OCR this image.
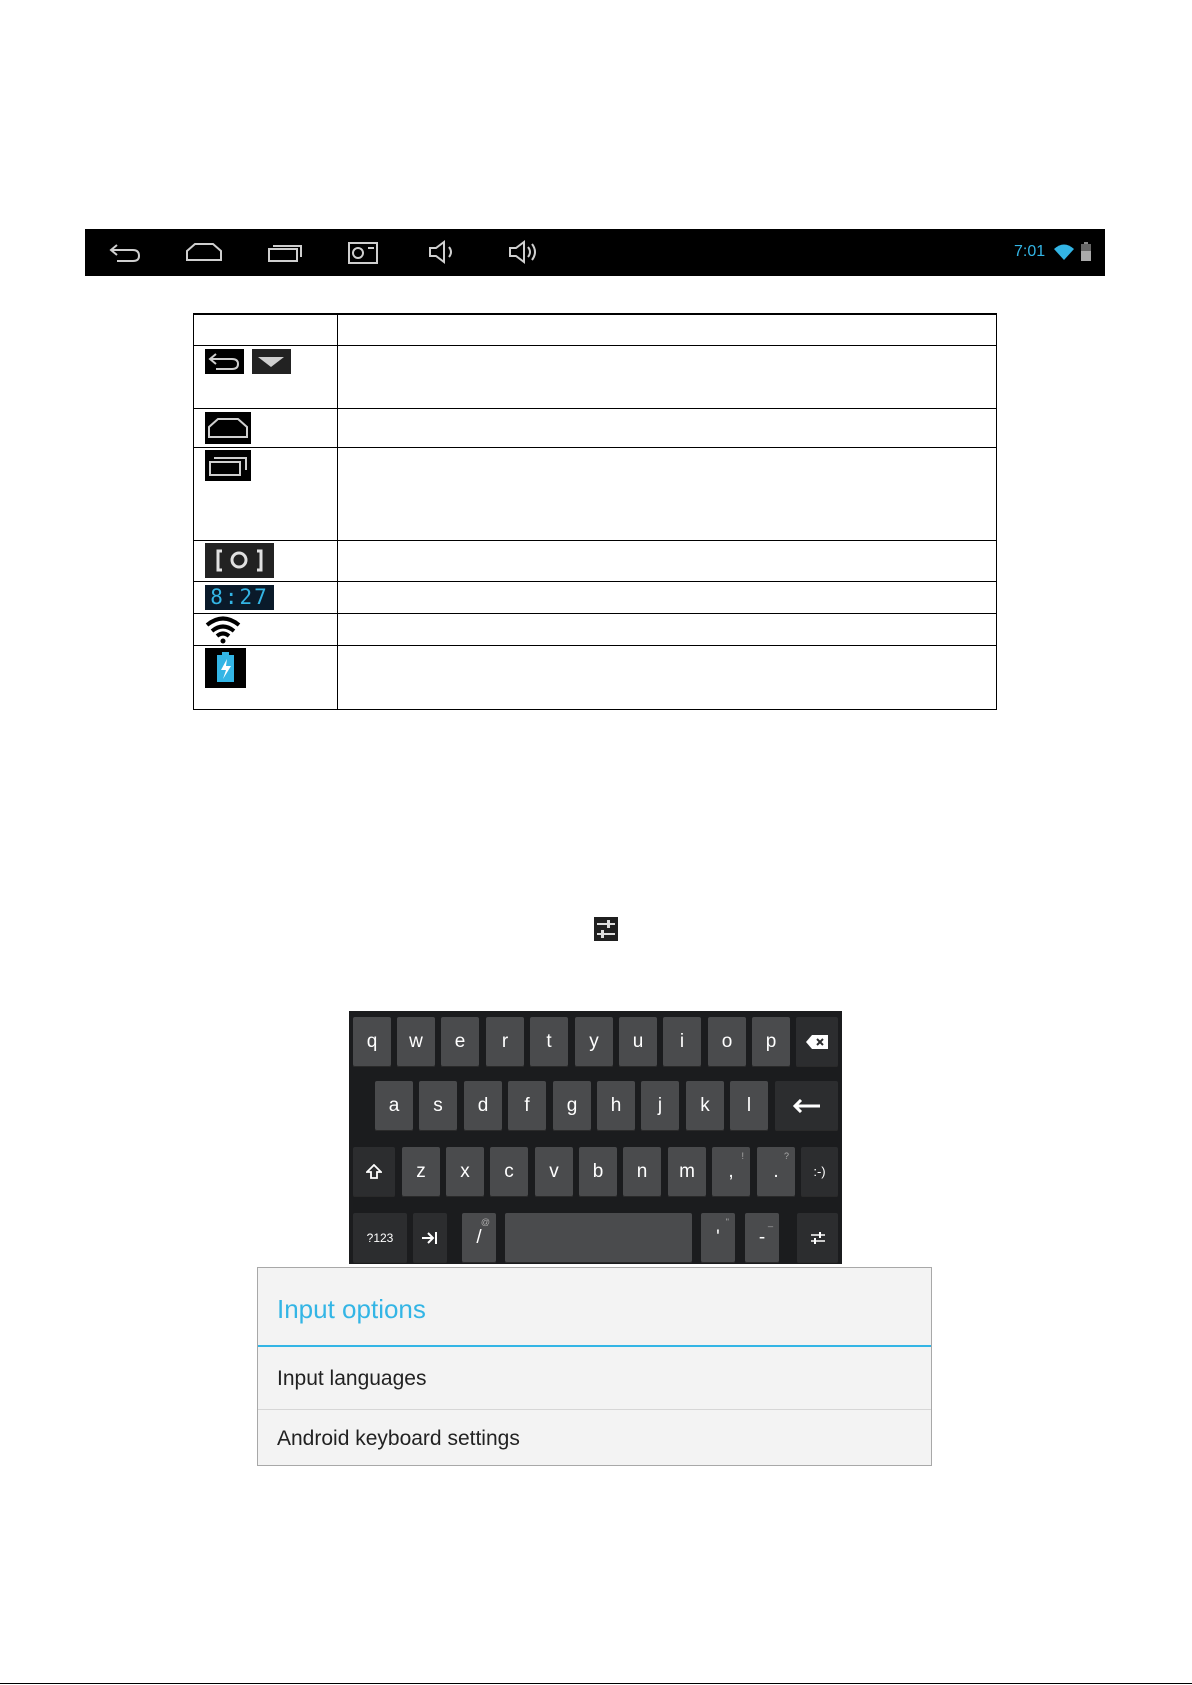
7:01
8:27
q	w	e	r	t	y	u	i	o	p
a	s	d	f	g	h	j	k	l
z	x	c	v	b	n	m	,
!
.
?
:-)
?123	/
@
'
"
-
_
Input options
Input languages
Android keyboard settings
